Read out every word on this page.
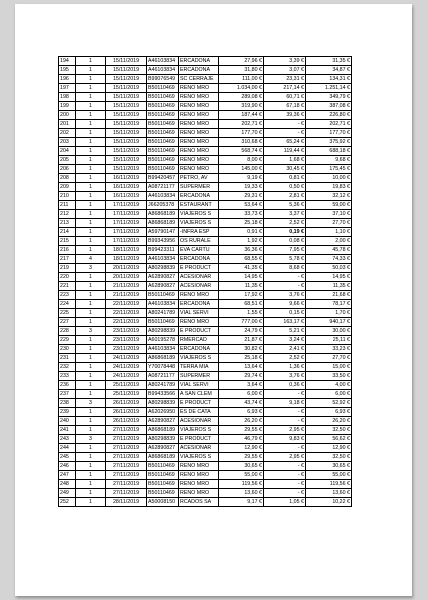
194	1	15/11/2019	A46103834	ERCADONA	27,96 €	3,39 €	31,35 €
195	1	15/11/2019	A46103834	ERCADONA	31,80 €	3,07 €	34,87 €
196	1	15/11/2019	B99076549	SC CERRAJE	111,00 €	23,31 €	134,31 €
197	1	15/11/2019	B50110469	RENO MRO	1.034,00 €	217,14 €	1.251,14 €
198	1	15/11/2019	B50110469	RENO MRO	289,08 €	60,71 €	349,79 €
199	1	15/11/2019	B50110469	RENO MRO	319,90 €	67,18 €	387,08 €
200	1	15/11/2019	B50110469	RENO MRO	187,44 €	39,36 €	226,80 €
201	1	15/11/2019	B50110469	RENO MRO	202,71 €	- €	202,71 €
202	1	15/11/2019	B50110469	RENO MRO	177,70 €	- €	177,70 €
203	1	15/11/2019	B50110469	RENO MRO	310,68 €	65,24 €	375,92 €
204	1	15/11/2019	B50110469	RENO MRO	568,74 €	119,44 €	688,18 €
205	1	15/11/2019	B50110469	RENO MRO	8,00 €	1,68 €	9,68 €
206	1	15/11/2019	B50110469	RENO MRO	145,00 €	30,45 €	175,45 €
208	1	16/11/2019	B99420457	PETRO, AV	9,19 €	0,81 €	10,00 €
209	1	16/11/2019	A08721177	SUPERMER	19,33 €	0,50 €	19,83 €
210	1	16/11/2019	A46103834	ERCADONA	29,31 €	2,81 €	32,12 €
211	1	17/11/2019	J66205378	ESTAURANT	53,64 €	5,36 €	59,00 €
212	1	17/11/2019	A86868189	VIAJEROS S	33,73 €	3,37 €	37,10 €
213	1	17/11/2019	A86868189	VIAJEROS S	25,18 €	2,52 €	27,70 €
214	1	17/11/2019	A59790147	-INFRA ESP	0,91 €	0,19 €	1,10 €
215	1	17/11/2019	B99343956	OS RURALE	1,92 €	0,08 €	2,00 €
216	1	18/11/2019	B99423311	EVA CARTU	36,36 €	7,95 €	45,78 €
217	4	18/11/2019	A46103834	ERCADONA	68,55 €	5,78 €	74,33 €
219	3	20/11/2019	A80298839	E PRODUCT	41,35 €	8,68 €	50,03 €
220	1	20/11/2019	A62890827	ACESIONAR	14,95 €	- €	14,95 €
221	1	21/11/2019	A62890827	ACESIONAR	11,35 €	- €	11,35 €
223	1	21/11/2019	B50110469	RENO MRO	17,92 €	3,76 €	21,68 €
224	1	22/11/2019	A46103834	ERCADONA	68,51 €	9,66 €	78,17 €
225	1	22/11/2019	A80241789	VIAL SERVI	1,55 €	0,15 €	1,70 €
227	1	22/11/2019	B50110469	RENO MRO	777,00 €	163,17 €	940,17 €
228	3	23/11/2019	A80298839	E PRODUCT	24,79 €	5,21 €	30,00 €
229	1	23/11/2019	A60195278	RMERCAD	21,87 €	3,24 €	25,11 €
230	1	23/11/2019	A46103834	ERCADONA	30,82 €	2,41 €	33,23 €
231	1	24/11/2019	A86868189	VIAJEROS S	25,18 €	2,52 €	27,70 €
232	1	24/11/2019	Y70078448	TERRA MIA	13,64 €	1,36 €	15,00 €
233	1	24/11/2019	A08721177	SUPERMER	29,74 €	3,76 €	33,50 €
236	1	25/11/2019	A80241789	VIAL SERVI	3,64 €	0,36 €	4,00 €
237	1	25/11/2019	B99433566	A SAN CLEM	6,00 €	- €	6,00 €
238	3	26/11/2019	A80298839	E PRODUCT	43,74 €	9,18 €	52,92 €
239	1	26/11/2019	A62026950	ES DE CATA	6,93 €	- €	6,93 €
240	1	26/11/2019	A62890827	ACESIONAR	26,20 €	- €	26,20 €
241	1	27/11/2019	A86868189	VIAJEROS S	29,55 €	2,95 €	32,50 €
243	3	27/11/2019	A80298839	E PRODUCT	46,79 €	9,83 €	56,62 €
244	1	27/11/2019	A62890827	ACESIONAR	12,90 €	- €	12,90 €
245	1	27/11/2019	A86868189	VIAJEROS S	29,55 €	2,95 €	32,50 €
246	1	27/11/2019	B50110469	RENO MRO	30,65 €	- €	30,65 €
247	1	27/11/2019	B50110469	RENO MRO	55,00 €	- €	55,00 €
248	1	27/11/2019	B50110469	RENO MRO	119,56 €	- €	119,56 €
249	1	27/11/2019	B50110469	RENO MRO	13,60 €	- €	13,60 €
252	1	28/11/2019	A50008150	RCADOS SA	9,17 €	1,05 €	10,22 €
